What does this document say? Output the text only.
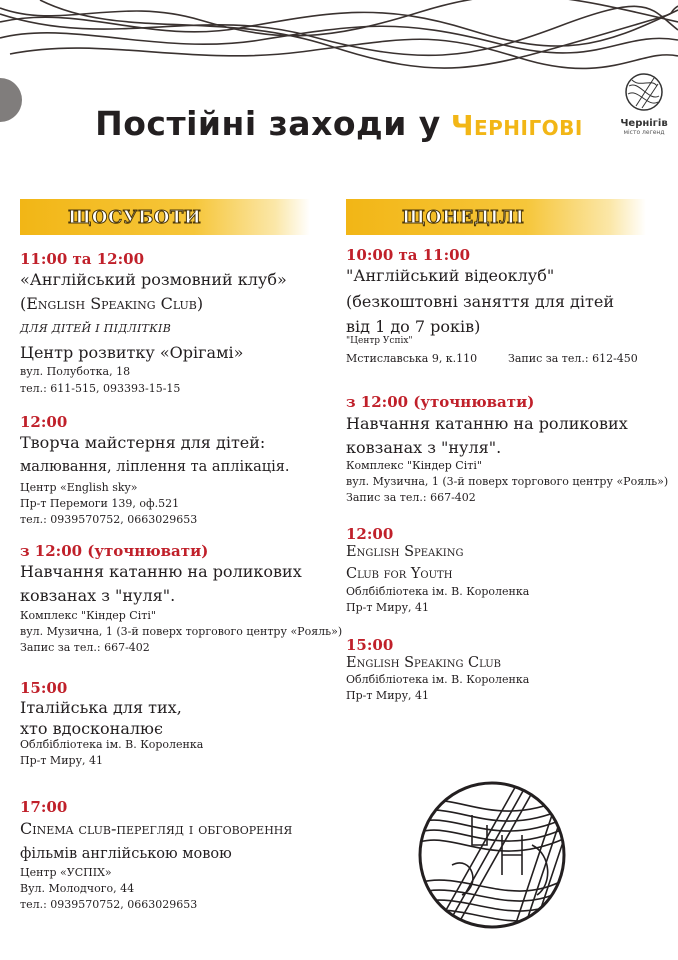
Постійні заходи у Чернігові	Чернігів
місто легенд
ЩОСУБОТИ	ЩОНЕДІЛІ
11:00 та 12:00
«Англійський розмовний клуб»
(English Speaking Club)
ДЛЯ ДІТЕЙ І ПІДЛІТКІВ
Центр розвитку «Орігамі»
вул. Полуботка, 18
тел.: 611-515, 093393-15-15
12:00
Творча майстерня для дітей:
малювання, ліплення та аплікація.
Центр «English sky»
Пр-т Перемоги 139, оф.521
тел.: 0939570752, 0663029653
з 12:00 (уточнювати)
Навчання катанню на роликових
ковзанах з "нуля".
Комплекс "Кіндер Сіті"
вул. Музична, 1 (3-й поверх торгового центру «Рояль»)
Запис за тел.: 667-402
15:00
Італійська для тих,
хто вдосконалює
Облбібліотека ім. В. Короленка
Пр-т Миру, 41
17:00
Cinema club-перегляд і обговорення
фільмів англійською мовою
Центр «УСПІХ»
Вул. Молодчого, 44
тел.: 0939570752, 0663029653
10:00 та 11:00
"Англійський відеоклуб"
(безкоштовні заняття для дітей
від 1 до 7 років)
"Центр Успіх"
Мстиславська 9, к.110	Запис за тел.: 612-450
з 12:00 (уточнювати)
Навчання катанню на роликових
ковзанах з "нуля".
Комплекс "Кіндер Сіті"
вул. Музична, 1 (3-й поверх торгового центру «Рояль»)
Запис за тел.: 667-402
12:00
English Speaking
Club for Youth
Облбібліотека ім. В. Короленка
Пр-т Миру, 41
15:00
English Speaking Club
Облбібліотека ім. В. Короленка
Пр-т Миру, 41
